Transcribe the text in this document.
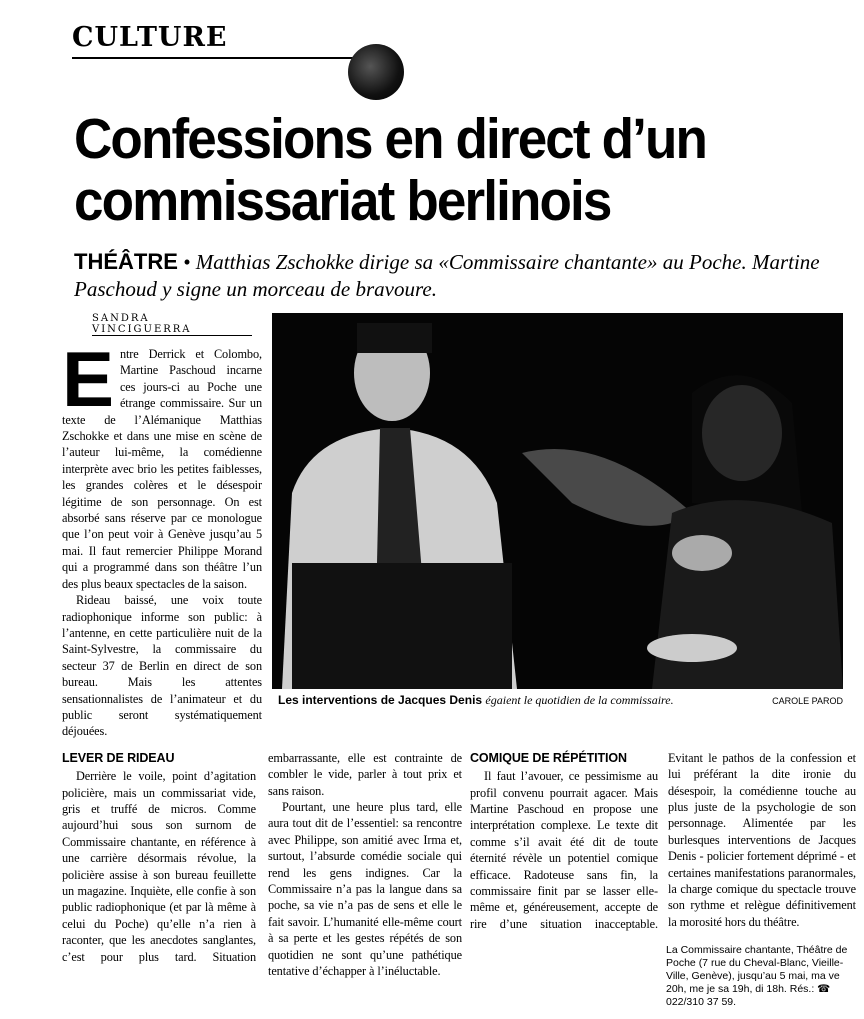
CULTURE
Confessions en direct d’un commissariat berlinois
THÉÂTRE • Matthias Zschokke dirige sa «Commissaire chantante» au Poche. Martine Paschoud y signe un morceau de bravoure.
SANDRA VINCIGUERRA

Entre Derrick et Colombo, Martine Paschoud incarne ces jours-ci au Poche une étrange commissaire. Sur un texte de l’Alémanique Matthias Zschokke et dans une mise en scène de l’auteur lui-même, la comédienne interprète avec brio les petites faiblesses, les grandes colères et le désespoir légitime de son personnage. On est absorbé sans réserve par ce monologue que l’on peut voir à Genève jusqu’au 5 mai. Il faut remercier Philippe Morand qui a programmé dans son théâtre l’un des plus beaux spectacles de la saison.

Rideau baissé, une voix toute radiophonique informe son public: à l’antenne, en cette particulière nuit de la Saint-Sylvestre, la commissaire du secteur 37 de Berlin en direct de son bureau. Mais les attentes sensationnalistes de l’animateur et du public seront systématiquement déjouées.

Les interventions de Jacques Denis égaient le quotidien de la commissaire.	CAROLE PAROD
LEVER DE RIDEAU

Derrière le voile, point d’agitation policière, mais un commissariat vide, gris et truffé de micros. Comme aujourd’hui sous son surnom de Commissaire chantante, en référence à une carrière désormais révolue, la policière assise à son bureau feuillette un magazine. Inquiète, elle confie à son public radiophonique (et par là même à celui du Poche) qu’elle n’a rien à raconter, que les anecdotes sanglantes, c’est pour plus tard. Situation embarrassante, elle est contrainte de combler le vide, parler à tout prix et sans raison.

Pourtant, une heure plus tard, elle aura tout dit de l’essentiel: sa rencontre avec Philippe, son amitié avec Irma et, surtout, l’absurde comédie sociale qui rend les gens indignes. Car la Commissaire n’a pas la langue dans sa poche, sa vie n’a pas de sens et elle le fait savoir. L’humanité elle-même court à sa perte et les gestes répétés de son quotidien ne sont qu’une pathétique tentative d’échapper à l’inéluctable.

COMIQUE DE RÉPÉTITION

Il faut l’avouer, ce pessimisme au profil convenu pourrait agacer. Mais Martine Paschoud en propose une interprétation complexe. Le texte dit comme s’il avait été dit de toute éternité révèle un potentiel comique efficace. Radoteuse sans fin, la commissaire finit par se lasser elle-même et, généreusement, accepte de rire d’une situation inacceptable. Evitant le pathos de la confession et lui préférant la dite ironie du désespoir, la comédienne touche au plus juste de la psychologie de son personnage. Alimentée par les burlesques interventions de Jacques Denis - policier fortement déprimé - et certaines manifestations paranormales, la charge comique du spectacle trouve son rythme et relègue définitivement la morosité hors du théâtre.

La Commissaire chantante, Théâtre de Poche (7 rue du Cheval-Blanc, Vieille-Ville, Genève), jusqu’au 5 mai, ma ve 20h, me je sa 19h, di 18h. Rés.: ☎ 022/310 37 59.
